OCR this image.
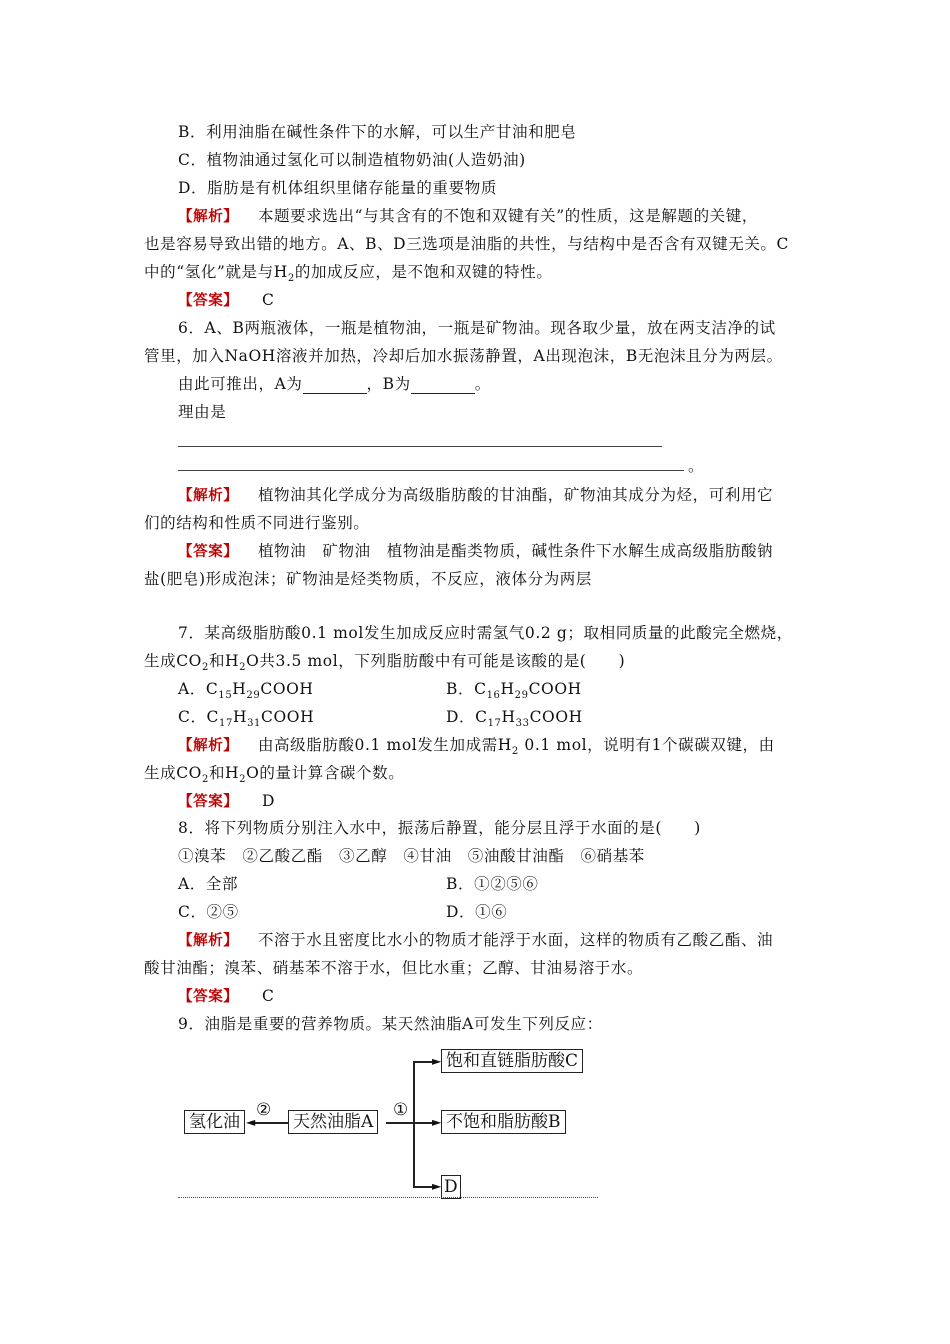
B．利用油脂在碱性条件下的水解，可以生产甘油和肥皂
C．植物油通过氢化可以制造植物奶油(人造奶油)
D．脂肪是有机体组织里储存能量的重要物质
【解析】 本题要求选出“与其含有的不饱和双键有关”的性质，这是解题的关键，
也是容易导致出错的地方。A、B、D三选项是油脂的共性，与结构中是否含有双键无关。C
中的“氢化”就是与$H_2$的加成反应，是不饱和双键的特性。
【答案】 C
6．A、B两瓶液体，一瓶是植物油，一瓶是矿物油。现各取少量，放在两支洁净的试
管里，加入NaOH溶液并加热，冷却后加水振荡静置，A出现泡沫，B无泡沫且分为两层。
由此可推出，A为	，B为	。
理由是
。
【解析】 植物油其化学成分为高级脂肪酸的甘油酯，矿物油其成分为烃，可利用它
们的结构和性质不同进行鉴别。
【答案】 植物油　矿物油　植物油是酯类物质，碱性条件下水解生成高级脂肪酸钠
盐(肥皂)形成泡沫；矿物油是烃类物质，不反应，液体分为两层
7．某高级脂肪酸0.1 mol发生加成反应时需氢气0.2 g；取相同质量的此酸完全燃烧，
生成$CO_2$和$H_2O$共3.5 mol，下列脂肪酸中有可能是该酸的是(　　)
A．$C_{15}H_{29}COOH$	B．$C_{16}H_{29}COOH$
C．$C_{17}H_{31}COOH$	D．$C_{17}H_{33}COOH$
【解析】 由高级脂肪酸0.1 mol发生加成需$H_2$ 0.1 mol，说明有1个碳碳双键，由
生成$CO_2$和$H_2O$的量计算含碳个数。
【答案】 D
8．将下列物质分别注入水中，振荡后静置，能分层且浮于水面的是(　　)
①溴苯　②乙酸乙酯　③乙醇　④甘油　⑤油酸甘油酯　⑥硝基苯
A．全部	B．①②⑤⑥
C．②⑤	D．①⑥
【解析】 不溶于水且密度比水小的物质才能浮于水面，这样的物质有乙酸乙酯、油
酸甘油酯；溴苯、硝基苯不溶于水，但比水重；乙醇、甘油易溶于水。
【答案】 C
9．油脂是重要的营养物质。某天然油脂A可发生下列反应：
►
►
►
◄
②	①
氢化油	天然油脂A
饱和直链脂肪酸C
不饱和脂肪酸B
D
